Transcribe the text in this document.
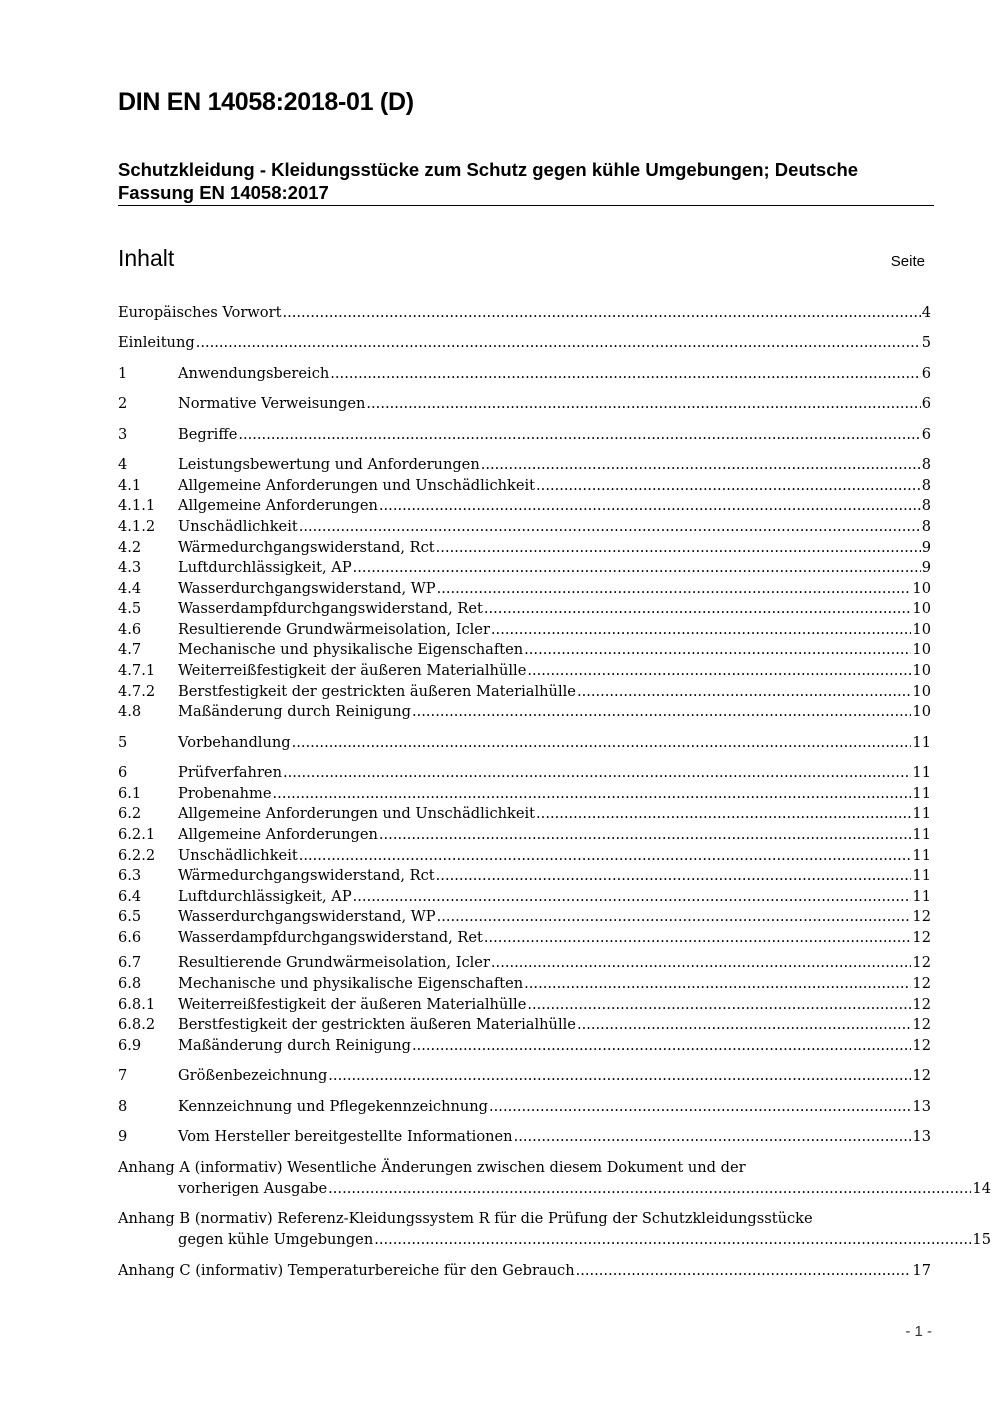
DIN EN 14058:2018-01 (D)
Schutzkleidung - Kleidungsstücke zum Schutz gegen kühle Umgebungen; Deutsche Fassung EN 14058:2017
Inhalt	Seite
Europäisches Vorwort .....	4
Einleitung .....	5
1	Anwendungsbereich .....	6
2	Normative Verweisungen .....	6
3	Begriffe .....	6
4	Leistungsbewertung und Anforderungen .....	8
4.1	Allgemeine Anforderungen und Unschädlichkeit .....	8
4.1.1	Allgemeine Anforderungen .....	8
4.1.2	Unschädlichkeit .....	8
4.2	Wärmedurchgangswiderstand, Rct .....	9
4.3	Luftdurchlässigkeit, AP .....	9
4.4	Wasserdurchgangswiderstand, WP .....	10
4.5	Wasserdampfdurchgangswiderstand, Ret .....	10
4.6	Resultierende Grundwärmeisolation, Icler .....	10
4.7	Mechanische und physikalische Eigenschaften .....	10
4.7.1	Weiterreißfestigkeit der äußeren Materialhülle .....	10
4.7.2	Berstfestigkeit der gestrickten äußeren Materialhülle .....	10
4.8	Maßänderung durch Reinigung .....	10
5	Vorbehandlung .....	11
6	Prüfverfahren .....	11
6.1	Probenahme .....	11
6.2	Allgemeine Anforderungen und Unschädlichkeit .....	11
6.2.1	Allgemeine Anforderungen .....	11
6.2.2	Unschädlichkeit .....	11
6.3	Wärmedurchgangswiderstand, Rct .....	11
6.4	Luftdurchlässigkeit, AP .....	11
6.5	Wasserdurchgangswiderstand, WP .....	12
6.6	Wasserdampfdurchgangswiderstand, Ret .....	12
6.7	Resultierende Grundwärmeisolation, Icler .....	12
6.8	Mechanische und physikalische Eigenschaften .....	12
6.8.1	Weiterreißfestigkeit der äußeren Materialhülle .....	12
6.8.2	Berstfestigkeit der gestrickten äußeren Materialhülle .....	12
6.9	Maßänderung durch Reinigung .....	12
7	Größenbezeichnung .....	12
8	Kennzeichnung und Pflegekennzeichnung .....	13
9	Vom Hersteller bereitgestellte Informationen .....	13
Anhang A (informativ) Wesentliche Änderungen zwischen diesem Dokument und der
vorherigen Ausgabe .....	14
Anhang B (normativ) Referenz-Kleidungssystem R für die Prüfung der Schutzkleidungsstücke
gegen kühle Umgebungen .....	15
Anhang C (informativ) Temperaturbereiche für den Gebrauch .....	17
- 1 -
